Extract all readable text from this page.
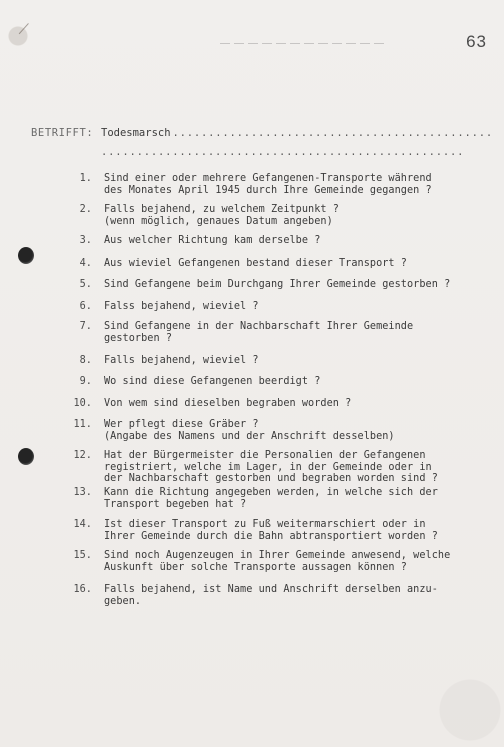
63
BETRIFFT: Todesmarsch .............................................
...................................................
1. Sind einer oder mehrere Gefangenen-Transporte während
des Monates April 1945 durch Ihre Gemeinde gegangen ?
2. Falls bejahend, zu welchem Zeitpunkt ?
(wenn möglich, genaues Datum angeben)
3. Aus welcher Richtung kam derselbe ?
4. Aus wieviel Gefangenen bestand dieser Transport ?
5. Sind Gefangene beim Durchgang Ihrer Gemeinde gestorben ?
6. Falss bejahend, wieviel ?
7. Sind Gefangene in der Nachbarschaft Ihrer Gemeinde
gestorben ?
8. Falls bejahend, wieviel ?
9. Wo sind diese Gefangenen beerdigt ?
10. Von wem sind dieselben begraben worden ?
11. Wer pflegt diese Gräber ?
(Angabe des Namens und der Anschrift desselben)
12. Hat der Bürgermeister die Personalien der Gefangenen
registriert, welche im Lager, in der Gemeinde oder in
der Nachbarschaft gestorben und begraben worden sind ?
13. Kann die Richtung angegeben werden, in welche sich der
Transport begeben hat ?
14. Ist dieser Transport zu Fuß weitermarschiert oder in
Ihrer Gemeinde durch die Bahn abtransportiert worden ?
15. Sind noch Augenzeugen in Ihrer Gemeinde anwesend, welche
Auskunft über solche Transporte aussagen können ?
16. Falls bejahend, ist Name und Anschrift derselben anzu-
geben.
